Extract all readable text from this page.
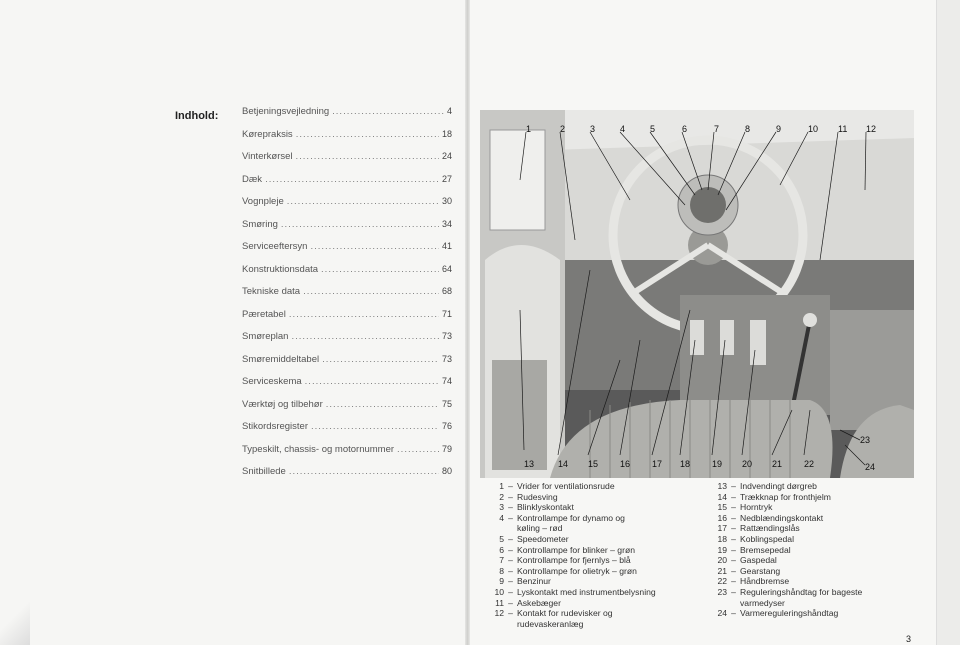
Indhold: Betjeningsvejledning .....	4
Kørepraksis .....	18
Vinterkørsel .....	24
Dæk .....	27
Vognpleje .....	30
Smøring .....	34
Serviceeftersyn .....	41
Konstruktionsdata .....	64
Tekniske data .....	68
Pæretabel .....	71
Smøreplan .....	73
Smøremiddeltabel .....	73
Serviceskema .....	74
Værktøj og tilbehør .....	75
Stikordsregister .....	76
Typeskilt, chassis- og motornummer .....	79
Snitbillede .....	80
1	2	3	4	5	6	7	8	9	10 11 12
13	14 15 16 17 18 19 20 21 22
23
24
1 – Vrider for ventilationsrude
2 – Rudesving
3 – Blinklyskontakt
4 – Kontrollampe for dynamo og
køling – rød
5 – Speedometer
6 – Kontrollampe for blinker – grøn
7 – Kontrollampe for fjernlys – blå
8 – Kontrollampe for olietryk – grøn
9 – Benzinur
10 – Lyskontakt med instrumentbelysning
11 – Askebæger
12 – Kontakt for rudevisker og
rudevaskeranlæg
13 – Indvendingt dørgreb
14 – Trækknap for fronthjelm
15 – Horntryk
16 – Nedblændingskontakt
17 – Rattændingslås
18 – Koblingspedal
19 – Bremsepedal
20 – Gaspedal
21 – Gearstang
22 – Håndbremse
23 – Reguleringshåndtag for bageste
varmedyser
24 – Varmereguleringshåndtag
3
